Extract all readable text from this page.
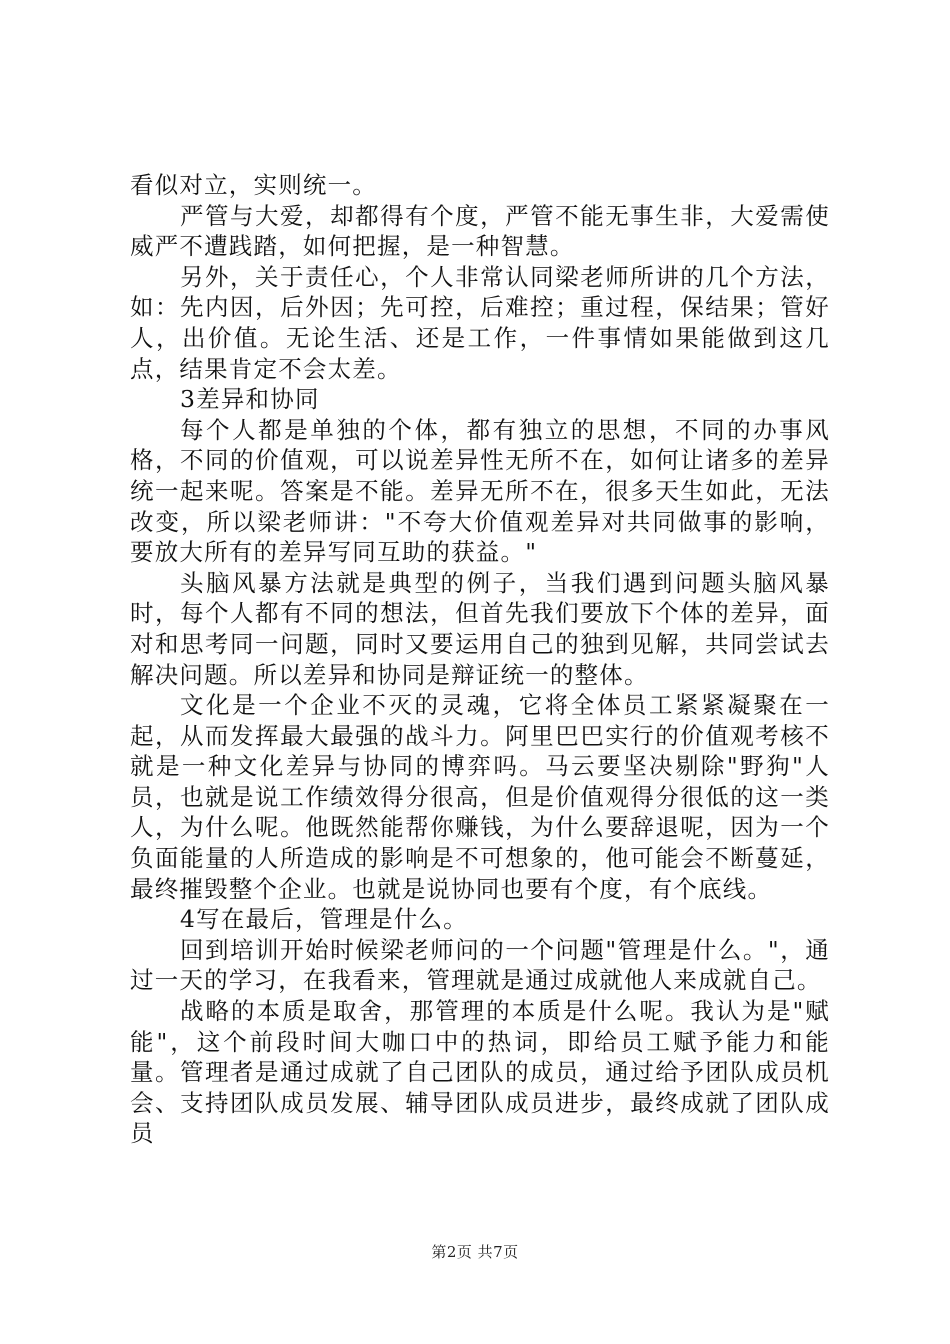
看似对立，实则统一。

严管与大爱，却都得有个度，严管不能无事生非，大爱需使威严不遭践踏，如何把握，是一种智慧。

另外，关于责任心，个人非常认同梁老师所讲的几个方法，如：先内因，后外因；先可控，后难控；重过程，保结果；管好人，出价值。无论生活、还是工作，一件事情如果能做到这几点，结果肯定不会太差。

3差异和协同

每个人都是单独的个体，都有独立的思想，不同的办事风格，不同的价值观，可以说差异性无所不在，如何让诸多的差异统一起来呢。答案是不能。差异无所不在，很多天生如此，无法改变，所以梁老师讲："不夸大价值观差异对共同做事的影响，要放大所有的差异写同互助的获益。"

头脑风暴方法就是典型的例子，当我们遇到问题头脑风暴时，每个人都有不同的想法，但首先我们要放下个体的差异，面对和思考同一问题，同时又要运用自己的独到见解，共同尝试去解决问题。所以差异和协同是辩证统一的整体。

文化是一个企业不灭的灵魂，它将全体员工紧紧凝聚在一起，从而发挥最大最强的战斗力。阿里巴巴实行的价值观考核不就是一种文化差异与协同的博弈吗。马云要坚决剔除"野狗"人员，也就是说工作绩效得分很高，但是价值观得分很低的这一类人，为什么呢。他既然能帮你赚钱，为什么要辞退呢，因为一个负面能量的人所造成的影响是不可想象的，他可能会不断蔓延，最终摧毁整个企业。也就是说协同也要有个度，有个底线。

4写在最后，管理是什么。

回到培训开始时候梁老师问的一个问题"管理是什么。"，通过一天的学习，在我看来，管理就是通过成就他人来成就自己。

战略的本质是取舍，那管理的本质是什么呢。我认为是"赋能"，这个前段时间大咖口中的热词，即给员工赋予能力和能量。管理者是通过成就了自己团队的成员，通过给予团队成员机会、支持团队成员发展、辅导团队成员进步，最终成就了团队成员

第2页 共7页
